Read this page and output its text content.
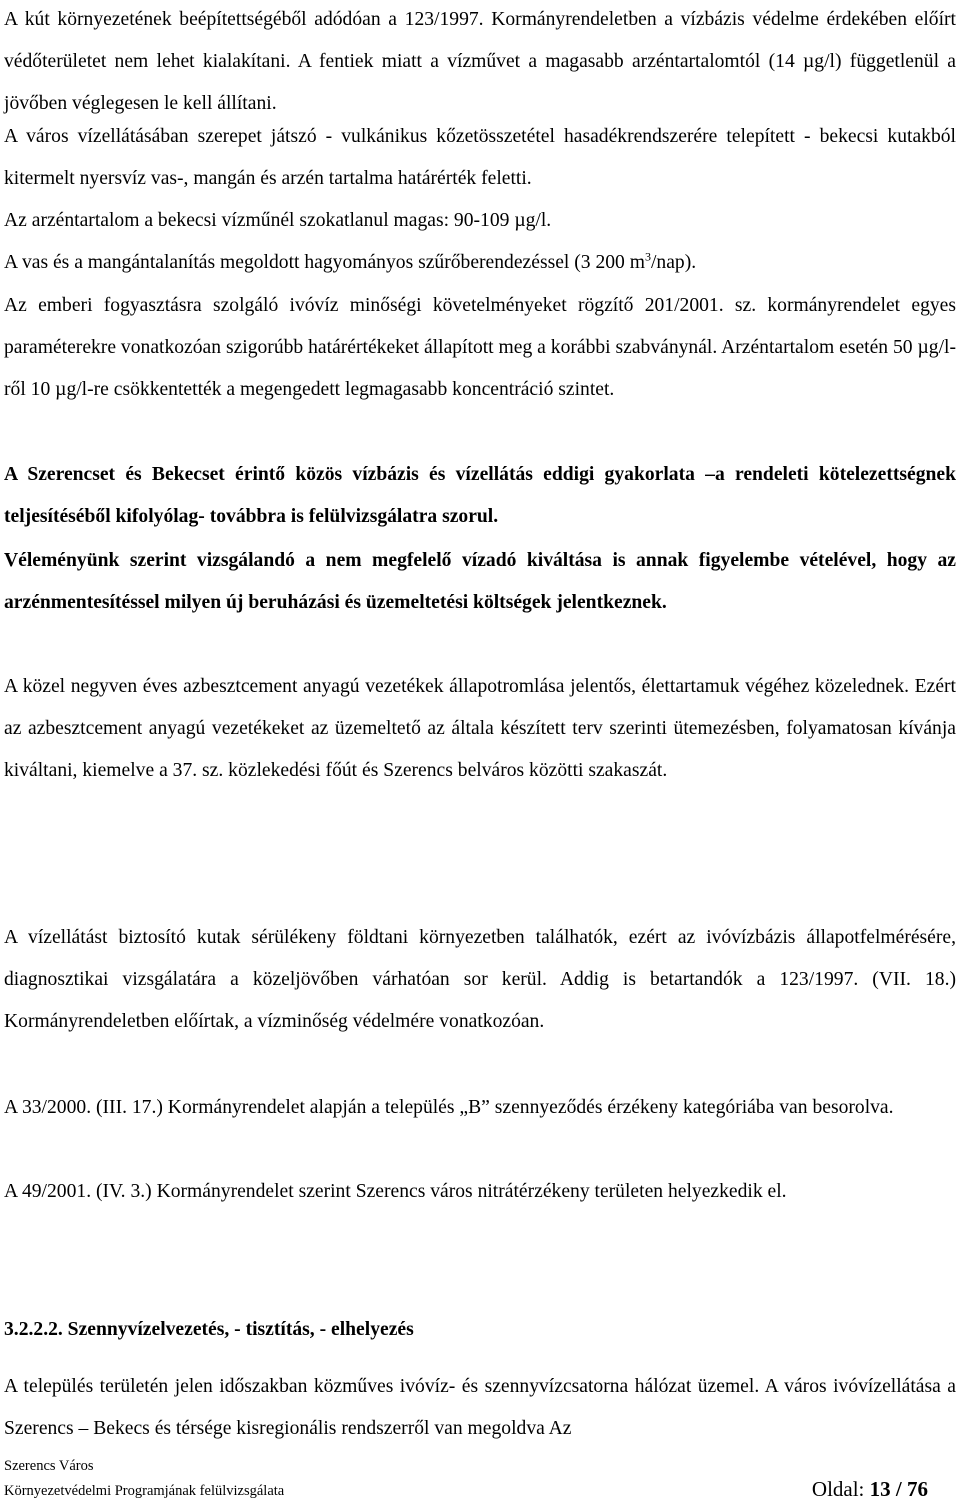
A kút környezetének beépítettségéből adódóan a 123/1997. Kormányrendeletben a vízbázis védelme érdekében előírt védőterületet nem lehet kialakítani. A fentiek miatt a vízművet a magasabb arzéntartalomtól (14 µg/l) függetlenül a jövőben véglegesen le kell állítani.

A város vízellátásában szerepet játszó - vulkánikus kőzetösszetétel hasadékrendszerére telepített - bekecsi kutakból kitermelt nyersvíz vas-, mangán és arzén tartalma határérték feletti.

Az arzéntartalom a bekecsi vízműnél szokatlanul magas: 90-109 µg/l.

A vas és a mangántalanítás megoldott hagyományos szűrőberendezéssel (3 200 $m^3/nap$).

Az emberi fogyasztásra szolgáló ivóvíz minőségi követelményeket rögzítő 201/2001. sz. kormányrendelet egyes paraméterekre vonatkozóan szigorúbb határértékeket állapított meg a korábbi szabványnál. Arzéntartalom esetén 50 µg/l-ről 10 µg/l-re csökkentették a megengedett legmagasabb koncentráció szintet.

A Szerencset és Bekecset érintő közös vízbázis és vízellátás eddigi gyakorlata –a rendeleti kötelezettségnek teljesítéséből kifolyólag- továbbra is felülvizsgálatra szorul.

Véleményünk szerint vizsgálandó a nem megfelelő vízadó kiváltása is annak figyelembe vételével, hogy az arzénmentesítéssel milyen új beruházási és üzemeltetési költségek jelentkeznek.

A közel negyven éves azbesztcement anyagú vezetékek állapotromlása jelentős, élettartamuk végéhez közelednek. Ezért az azbesztcement anyagú vezetékeket az üzemeltető az általa készített terv szerinti ütemezésben, folyamatosan kívánja kiváltani, kiemelve a 37. sz. közlekedési főút és Szerencs belváros közötti szakaszát.

A vízellátást biztosító kutak sérülékeny földtani környezetben találhatók, ezért az ivóvízbázis állapotfelmérésére, diagnosztikai vizsgálatára a közeljövőben várhatóan sor kerül. Addig is betartandók a 123/1997. (VII. 18.) Kormányrendeletben előírtak, a vízminőség védelmére vonatkozóan.

A 33/2000. (III. 17.) Kormányrendelet alapján a település „B” szennyeződés érzékeny kategóriába van besorolva.

A 49/2001. (IV. 3.) Kormányrendelet szerint Szerencs város nitrátérzékeny területen helyezkedik el.

3.2.2.2. Szennyvízelvezetés, - tisztítás, - elhelyezés

A település területén jelen időszakban közműves ivóvíz- és szennyvízcsatorna hálózat üzemel. A város ivóvízellátása a Szerencs – Bekecs és térsége kisregionális rendszerről van megoldva Az

Szerencs Város
Környezetvédelmi Programjának felülvizsgálata	Oldal: 13 / 76
